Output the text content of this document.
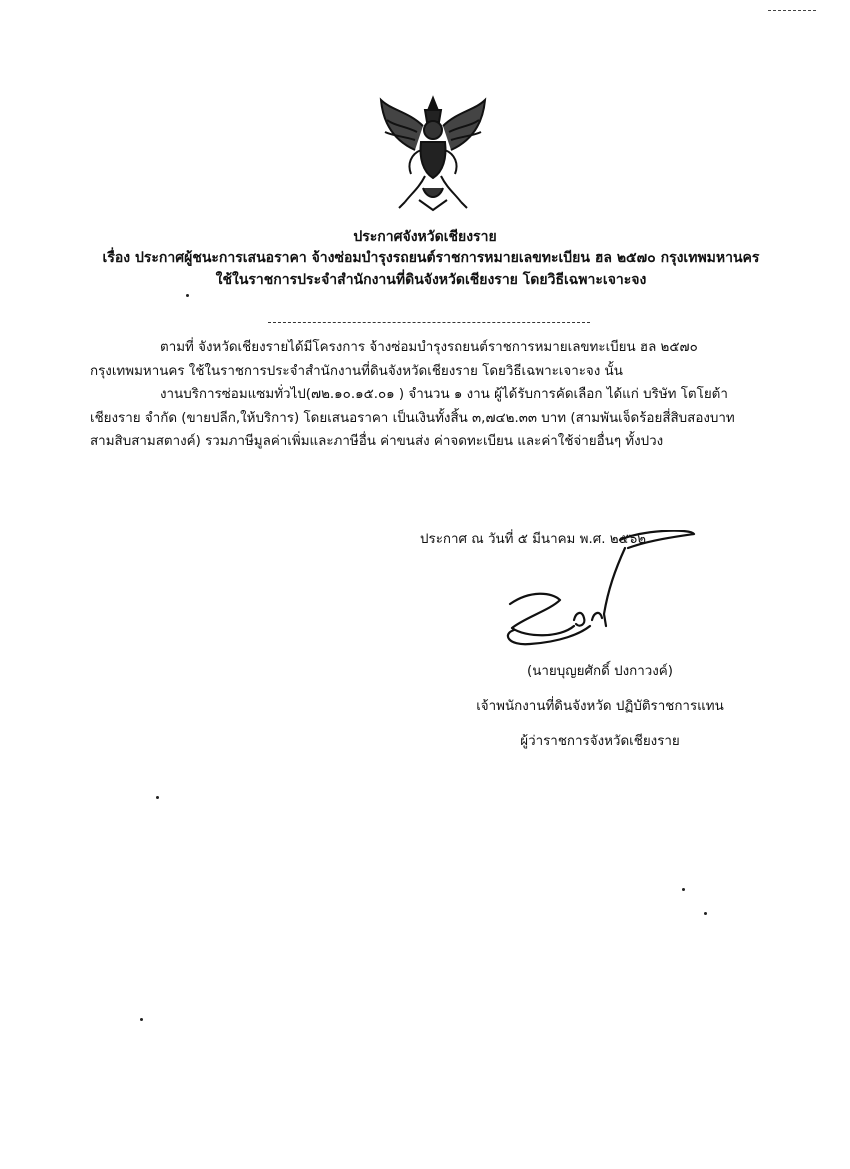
ประกาศจังหวัดเชียงราย
เรื่อง ประกาศผู้ชนะการเสนอราคา จ้างซ่อมบำรุงรถยนต์ราชการหมายเลขทะเบียน ฮล ๒๕๗๐ กรุงเทพมหานคร
ใช้ในราชการประจำสำนักงานที่ดินจังหวัดเชียงราย โดยวิธีเฉพาะเจาะจง
ตามที่ จังหวัดเชียงรายได้มีโครงการ จ้างซ่อมบำรุงรถยนต์ราชการหมายเลขทะเบียน ฮล ๒๕๗๐
กรุงเทพมหานคร ใช้ในราชการประจำสำนักงานที่ดินจังหวัดเชียงราย โดยวิธีเฉพาะเจาะจง นั้น
งานบริการซ่อมแซมทั่วไป(๗๒.๑๐.๑๕.๐๑ ) จำนวน ๑ งาน ผู้ได้รับการคัดเลือก ได้แก่ บริษัท โตโยต้า
เชียงราย จำกัด (ขายปลีก,ให้บริการ) โดยเสนอราคา เป็นเงินทั้งสิ้น ๓,๗๔๒.๓๓ บาท (สามพันเจ็ดร้อยสี่สิบสองบาท
สามสิบสามสตางค์) รวมภาษีมูลค่าเพิ่มและภาษีอื่น ค่าขนส่ง ค่าจดทะเบียน และค่าใช้จ่ายอื่นๆ ทั้งปวง
ประกาศ ณ วันที่ ๕ มีนาคม พ.ศ. ๒๕๖๒
(นายบุญยศักดิ์ ปงกาวงค์)
เจ้าพนักงานที่ดินจังหวัด ปฏิบัติราชการแทน
ผู้ว่าราชการจังหวัดเชียงราย
